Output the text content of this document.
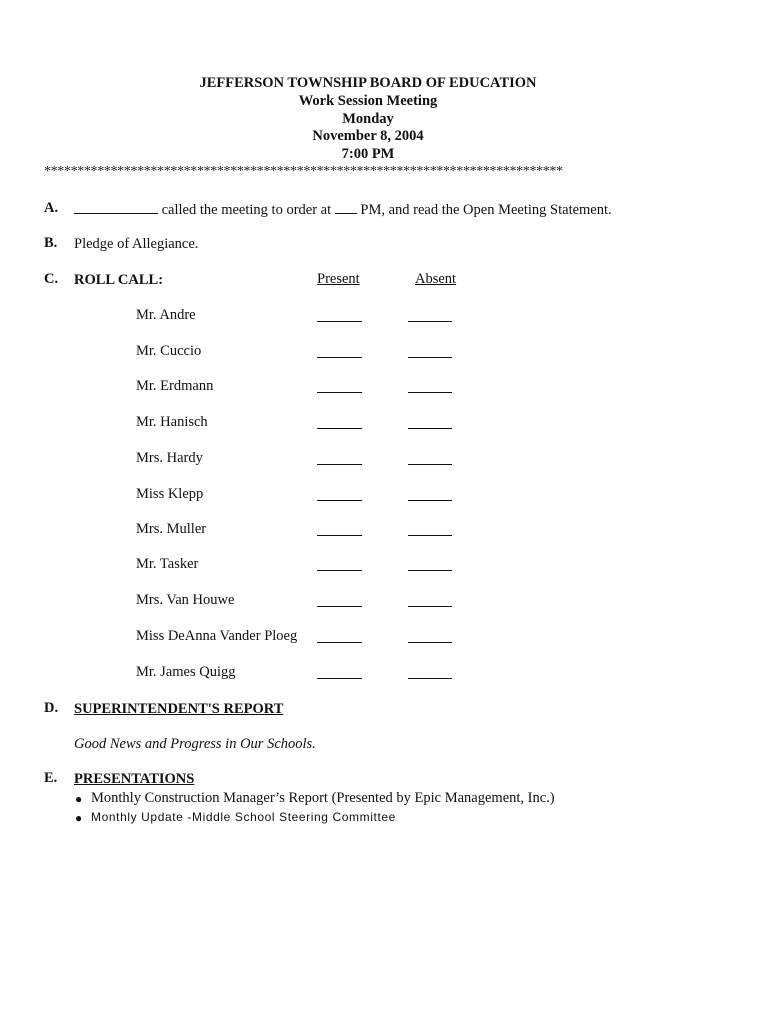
JEFFERSON TOWNSHIP BOARD OF EDUCATION
Work Session Meeting
Monday
November 8, 2004
7:00 PM
******************************************************************************
A.	called the meeting to order at PM, and read the Open Meeting Statement.
B. Pledge of Allegiance.
C. ROLL CALL:	Present	Absent
Mr. Andre
Mr. Cuccio
Mr. Erdmann
Mr. Hanisch
Mrs. Hardy
Miss Klepp
Mrs. Muller
Mr. Tasker
Mrs. Van Houwe
Miss DeAnna Vander Ploeg
Mr. James Quigg
D. SUPERINTENDENT'S REPORT
Good News and Progress in Our Schools.
E. PRESENTATIONS
● Monthly Construction Manager’s Report (Presented by Epic Management, Inc.)
● Monthly Update -Middle School Steering Committee
